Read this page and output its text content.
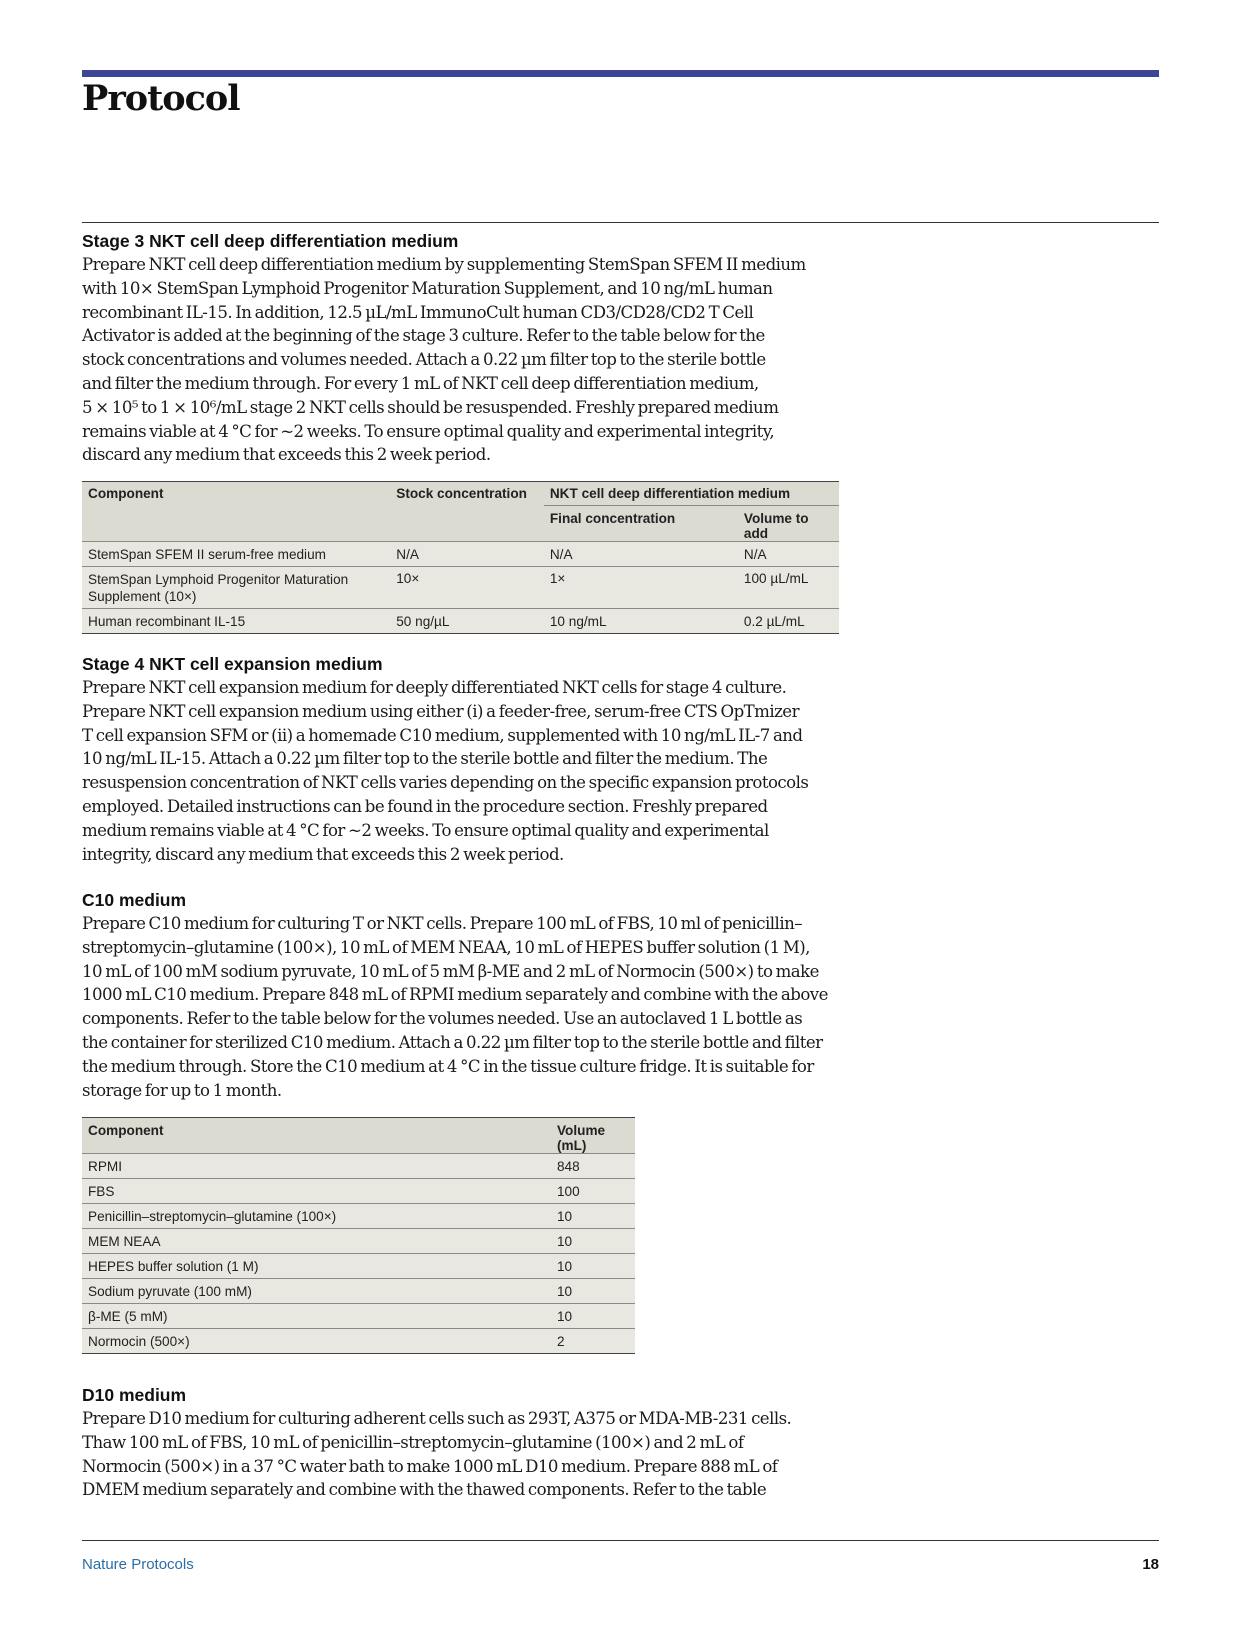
Protocol
Stage 3 NKT cell deep differentiation medium

Prepare NKT cell deep differentiation medium by supplementing StemSpan SFEM II medium
with 10× StemSpan Lymphoid Progenitor Maturation Supplement, and 10 ng/mL human
recombinant IL-15. In addition, 12.5 µL/mL ImmunoCult human CD3/CD28/CD2 T Cell
Activator is added at the beginning of the stage 3 culture. Refer to the table below for the
stock concentrations and volumes needed. Attach a 0.22 µm filter top to the sterile bottle
and filter the medium through. For every 1 mL of NKT cell deep differentiation medium,
5 × 10⁵ to 1 × 10⁶/mL stage 2 NKT cells should be resuspended. Freshly prepared medium
remains viable at 4 °C for ~2 weeks. To ensure optimal quality and experimental integrity,
discard any medium that exceeds this 2 week period.

Component	Stock concentration	NKT cell deep differentiation medium	
		Final concentration	Volume to add
StemSpan SFEM II serum-free medium	N/A	N/A	N/A
StemSpan Lymphoid Progenitor Maturation Supplement (10×)	10×	1×	100 µL/mL
Human recombinant IL-15	50 ng/µL	10 ng/mL	0.2 µL/mL
Stage 4 NKT cell expansion medium

Prepare NKT cell expansion medium for deeply differentiated NKT cells for stage 4 culture.
Prepare NKT cell expansion medium using either (i) a feeder-free, serum-free CTS OpTmizer
T cell expansion SFM or (ii) a homemade C10 medium, supplemented with 10 ng/mL IL-7 and
10 ng/mL IL-15. Attach a 0.22 µm filter top to the sterile bottle and filter the medium. The
resuspension concentration of NKT cells varies depending on the specific expansion protocols
employed. Detailed instructions can be found in the procedure section. Freshly prepared
medium remains viable at 4 °C for ~2 weeks. To ensure optimal quality and experimental
integrity, discard any medium that exceeds this 2 week period.

C10 medium

Prepare C10 medium for culturing T or NKT cells. Prepare 100 mL of FBS, 10 ml of penicillin–
streptomycin–glutamine (100×), 10 mL of MEM NEAA, 10 mL of HEPES buffer solution (1 M),
10 mL of 100 mM sodium pyruvate, 10 mL of 5 mM β-ME and 2 mL of Normocin (500×) to make
1000 mL C10 medium. Prepare 848 mL of RPMI medium separately and combine with the above
components. Refer to the table below for the volumes needed. Use an autoclaved 1 L bottle as
the container for sterilized C10 medium. Attach a 0.22 µm filter top to the sterile bottle and filter
the medium through. Store the C10 medium at 4 °C in the tissue culture fridge. It is suitable for
storage for up to 1 month.

Component	Volume (mL)
RPMI	848
FBS	100
Penicillin–streptomycin–glutamine (100×)	10
MEM NEAA	10
HEPES buffer solution (1 M)	10
Sodium pyruvate (100 mM)	10
β-ME (5 mM)	10
Normocin (500×)	2
D10 medium

Prepare D10 medium for culturing adherent cells such as 293T, A375 or MDA-MB-231 cells.
Thaw 100 mL of FBS, 10 mL of penicillin–streptomycin–glutamine (100×) and 2 mL of
Normocin (500×) in a 37 °C water bath to make 1000 mL D10 medium. Prepare 888 mL of
DMEM medium separately and combine with the thawed components. Refer to the table

Nature Protocols	18
